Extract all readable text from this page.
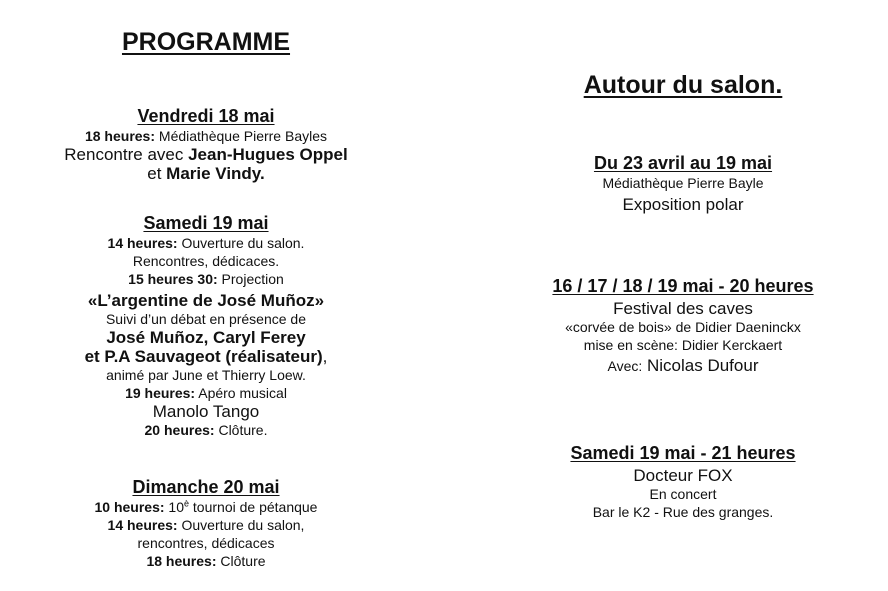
PROGRAMME
Vendredi 18 mai
18 heures: Médiathèque Pierre Bayles
Rencontre avec Jean-Hugues Oppel
et Marie Vindy.
Samedi 19 mai
14 heures: Ouverture du salon.
Rencontres, dédicaces.
15 heures 30: Projection
«L’argentine de José Muñoz»
Suivi d’un débat en présence de
José Muñoz, Caryl Ferey
et P.A Sauvageot (réalisateur),
animé par June et Thierry Loew.
19 heures: Apéro musical
Manolo Tango
20 heures: Clôture.
Dimanche 20 mai
10 heures: $10^è$ tournoi de pétanque
14 heures: Ouverture du salon,
rencontres, dédicaces
18 heures: Clôture
Autour du salon.
Du 23 avril au 19 mai
Médiathèque Pierre Bayle
Exposition polar
16 / 17 / 18 / 19 mai - 20 heures
Festival des caves
«corvée de bois» de Didier Daeninckx
mise en scène: Didier Kerckaert
Avec: Nicolas Dufour
Samedi 19 mai - 21 heures
Docteur FOX
En concert
Bar le K2 - Rue des granges.
